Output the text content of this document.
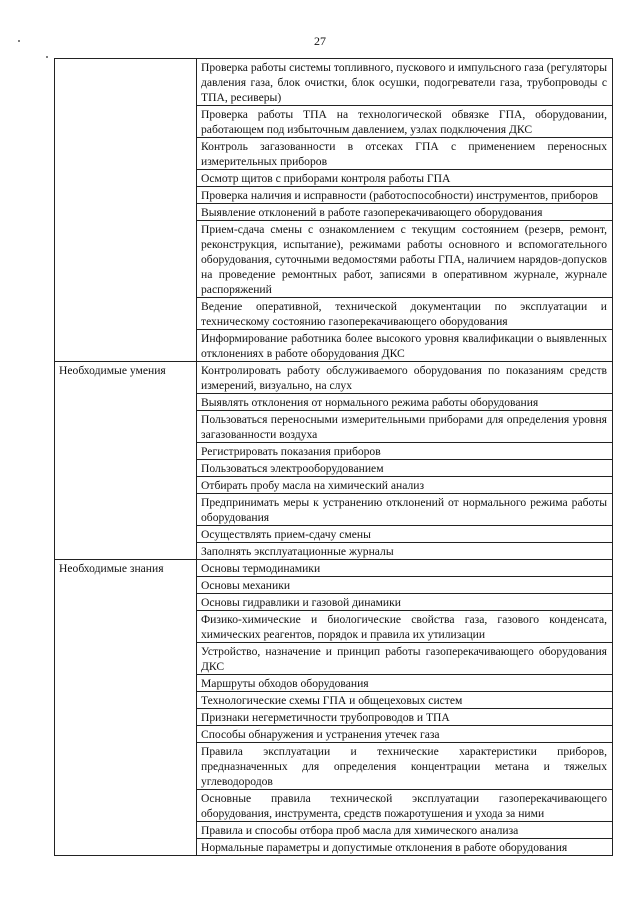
27
	Проверка работы системы топливного, пускового и импульсного газа (регуляторы давления газа, блок очистки, блок осушки, подогреватели газа, трубопроводы с ТПА, ресиверы)
	Проверка работы ТПА на технологической обвязке ГПА, оборудовании, работающем под избыточным давлением, узлах подключения ДКС
	Контроль загазованности в отсеках ГПА с применением переносных измерительных приборов
	Осмотр щитов с приборами контроля работы ГПА
	Проверка наличия и исправности (работоспособности) инструментов, приборов
	Выявление отклонений в работе газоперекачивающего оборудования
	Прием-сдача смены с ознакомлением с текущим состоянием (резерв, ремонт, реконструкция, испытание), режимами работы основного и вспомогательного оборудования, суточными ведомостями работы ГПА, наличием нарядов-допусков на проведение ремонтных работ, записями в оперативном журнале, журнале распоряжений
	Ведение оперативной, технической документации по эксплуатации и техническому состоянию газоперекачивающего оборудования
	Информирование работника более высокого уровня квалификации о выявленных отклонениях в работе оборудования ДКС
Необходимые умения	Контролировать работу обслуживаемого оборудования по показаниям средств измерений, визуально, на слух
	Выявлять отклонения от нормального режима работы оборудования
	Пользоваться переносными измерительными приборами для определения уровня загазованности воздуха
	Регистрировать показания приборов
	Пользоваться электрооборудованием
	Отбирать пробу масла на химический анализ
	Предпринимать меры к устранению отклонений от нормального режима работы оборудования
	Осуществлять прием-сдачу смены
	Заполнять эксплуатационные журналы
Необходимые знания	Основы термодинамики
	Основы механики
	Основы гидравлики и газовой динамики
	Физико-химические и биологические свойства газа, газового конденсата, химических реагентов, порядок и правила их утилизации
	Устройство, назначение и принцип работы газоперекачивающего оборудования ДКС
	Маршруты обходов оборудования
	Технологические схемы ГПА и общецеховых систем
	Признаки негерметичности трубопроводов и ТПА
	Способы обнаружения и устранения утечек газа
	Правила эксплуатации и технические характеристики приборов, предназначенных для определения концентрации метана и тяжелых углеводородов
	Основные правила технической эксплуатации газоперекачивающего оборудования, инструмента, средств пожаротушения и ухода за ними
	Правила и способы отбора проб масла для химического анализа
	Нормальные параметры и допустимые отклонения в работе оборудования
